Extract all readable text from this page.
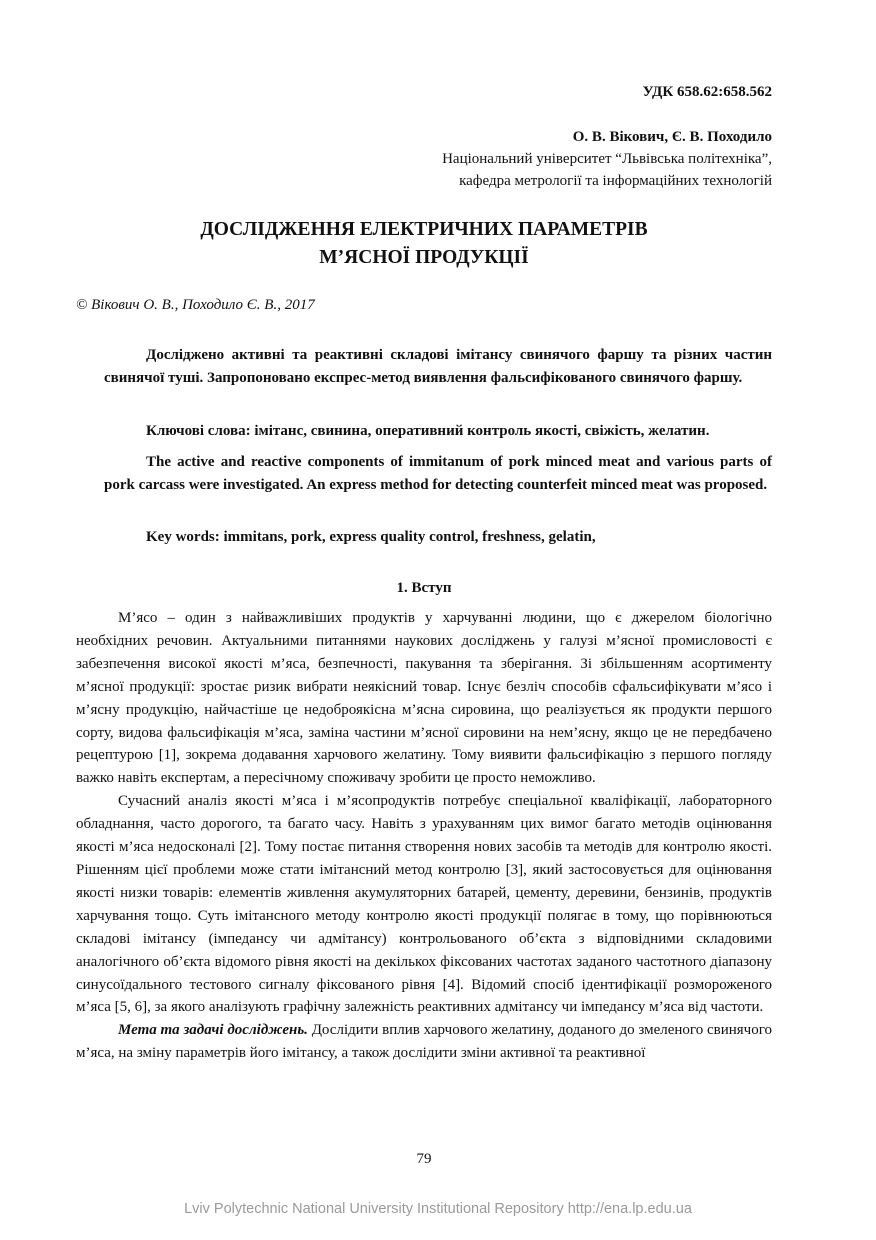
УДК 658.62:658.562
О. В. Вікович, Є. В. Походило
Національний університет “Львівська політехніка”,
кафедра метрології та інформаційних технологій
ДОСЛІДЖЕННЯ ЕЛЕКТРИЧНИХ ПАРАМЕТРІВ
М’ЯСНОЇ ПРОДУКЦІЇ
© Вікович О. В., Походило Є. В., 2017
Досліджено активні та реактивні складові імітансу свинячого фаршу та різних частин свинячої туші. Запропоновано експрес-метод виявлення фальсифікованого свинячого фаршу.
Ключові слова: імітанс, свинина, оперативний контроль якості, свіжість, желатин.
The active and reactive components of immitanum of pork minced meat and various parts of pork carcass were investigated. An express method for detecting counterfeit minced meat was proposed.
Key words: immitans, pork, express quality control, freshness, gelatin,
1. Вступ

М’ясо – один з найважливіших продуктів у харчуванні людини, що є джерелом біологічно необхідних речовин. Актуальними питаннями наукових досліджень у галузі м’ясної промисловості є забезпечення високої якості м’яса, безпечності, пакування та зберігання. Зі збільшенням асортименту м’ясної продукції: зростає ризик вибрати неякісний товар. Існує безліч способів сфальсифікувати м’ясо і м’ясну продукцію, найчастіше це недоброякісна м’ясна сировина, що реалізується як продукти першого сорту, видова фальсифікація м’яса, заміна частини м’ясної сировини на нем’ясну, якщо це не передбачено рецептурою [1], зокрема додавання харчового желатину. Тому виявити фальсифікацію з першого погляду важко навіть експертам, а пересічному споживачу зробити це просто неможливо.

Сучасний аналіз якості м’яса і м’ясопродуктів потребує спеціальної кваліфікації, лабораторного обладнання, часто дорогого, та багато часу. Навіть з урахуванням цих вимог багато методів оцінювання якості м’яса недосконалі [2]. Тому постає питання створення нових засобів та методів для контролю якості. Рішенням цієї проблеми може стати імітансний метод контролю [3], який застосовується для оцінювання якості низки товарів: елементів живлення акумуляторних батарей, цементу, деревини, бензинів, продуктів харчування тощо. Суть імітансного методу контролю якості продукції полягає в тому, що порівнюються складові імітансу (імпедансу чи адмітансу) контрольованого об’єкта з відповідними складовими аналогічного об’єкта відомого рівня якості на декількох фіксованих частотах заданого частотного діапазону синусоїдального тестового сигналу фіксованого рівня [4]. Відомий спосіб ідентифікації розмороженого м’яса [5, 6], за якого аналізують графічну залежність реактивних адмітансу чи імпедансу м’яса від частоти.

Мета та задачі досліджень. Дослідити вплив харчового желатину, доданого до змеленого свинячого м’яса, на зміну параметрів його імітансу, а також дослідити зміни активної та реактивної

79
Lviv Polytechnic National University Institutional Repository http://ena.lp.edu.ua
